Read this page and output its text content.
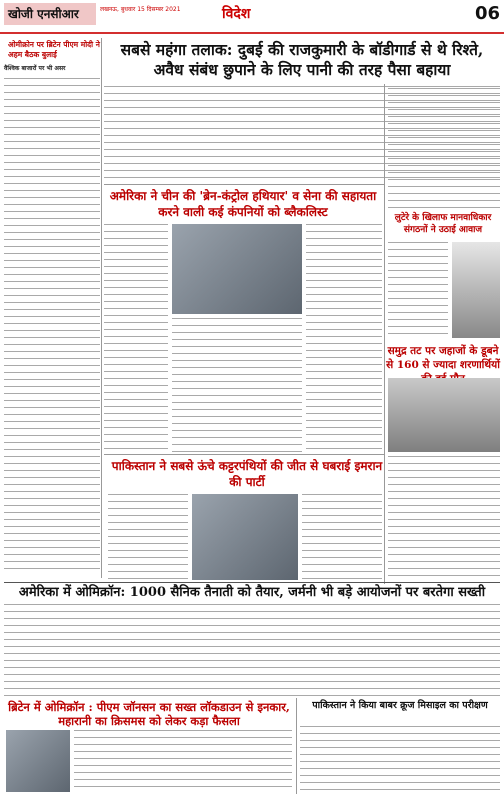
खोजी एनसीआर	लखनऊ, बुधवार 15 दिसम्बर 2021	विदेश	06
ओमीक्रोन पर ब्रिटेन पीएम मोदी ने अहम बैठक बुलाई
वैश्विक बाजारों पर भी असर
सबसे महंगा तलाक: दुबई की राजकुमारी के बॉडीगार्ड से थे रिश्ते, अवैध संबंध छुपाने के लिए पानी की तरह पैसा बहाया
अमेरिका ने चीन की 'ब्रेन-कंट्रोल हथियार' व सेना की सहायता करने वाली कई कंपनियों को ब्लैकलिस्ट	लुटेरे के खिलाफ मानवाधिकार संगठनों ने उठाई आवाज
समुद्र तट पर जहाजों के डूबने से 160 से ज्यादा शरणार्थियों
पाकिस्तान ने सबसे ऊंचे कट्टरपंथियों की जीत से घबराई इमरान की पार्टी
अमेरिका में ओमिक्रॉन: 1000 सैनिक तैनाती को तैयार, जर्मनी भी बड़े आयोजनों पर बरतेगा सख्ती
ब्रिटेन में ओमिक्रॉन : पीएम जॉनसन का सख्त लॉकडाउन से इनकार, महारानी का क्रिसमस को लेकर कड़ा फैसला
पाकिस्तान ने किया बाबर क्रूज मिसाइल का परीक्षण
